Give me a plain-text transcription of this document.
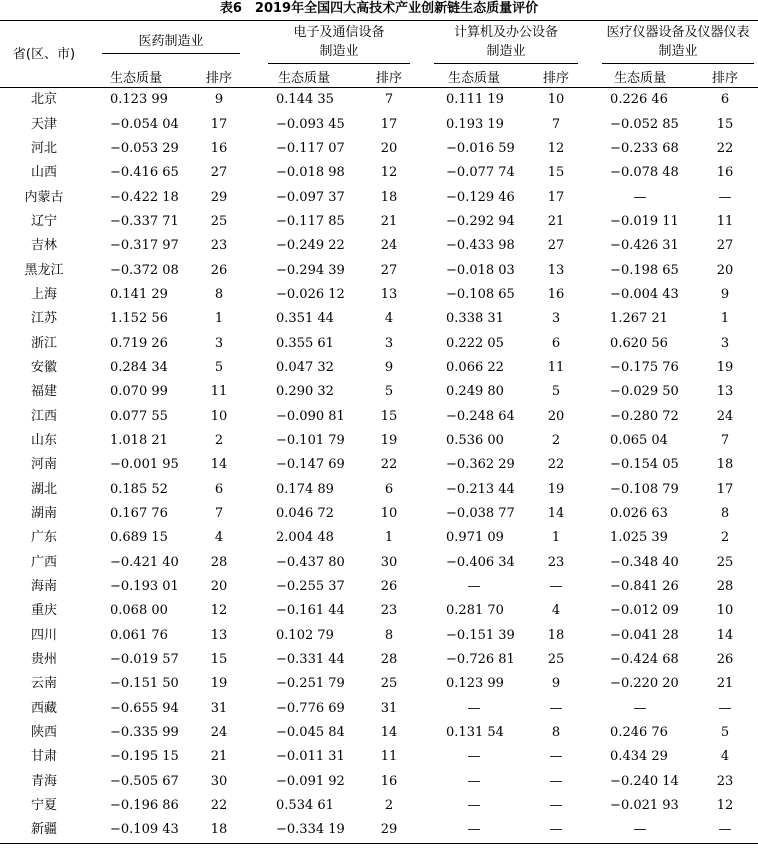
表6　2019年全国四大高技术产业创新链生态质量评价
省(区、市)	医药制造业		电子及通信设备
制造业		计算机及办公设备
制造业		医疗仪器设备及仪器仪表
制造业	

	生态质量	排序	生态质量	排序	生态质量	排序	生态质量	排序
北京	0.123 99	9	0.144 35	7	0.111 19	10	0.226 46	6
天津	−0.054 04	17	−0.093 45	17	0.193 19	7	−0.052 85	15
河北	−0.053 29	16	−0.117 07	20	−0.016 59	12	−0.233 68	22
山西	−0.416 65	27	−0.018 98	12	−0.077 74	15	−0.078 48	16
内蒙古	−0.422 18	29	−0.097 37	18	−0.129 46	17	—	—
辽宁	−0.337 71	25	−0.117 85	21	−0.292 94	21	−0.019 11	11
吉林	−0.317 97	23	−0.249 22	24	−0.433 98	27	−0.426 31	27
黑龙江	−0.372 08	26	−0.294 39	27	−0.018 03	13	−0.198 65	20
上海	0.141 29	8	−0.026 12	13	−0.108 65	16	−0.004 43	9
江苏	1.152 56	1	0.351 44	4	0.338 31	3	1.267 21	1
浙江	0.719 26	3	0.355 61	3	0.222 05	6	0.620 56	3
安徽	0.284 34	5	0.047 32	9	0.066 22	11	−0.175 76	19
福建	0.070 99	11	0.290 32	5	0.249 80	5	−0.029 50	13
江西	0.077 55	10	−0.090 81	15	−0.248 64	20	−0.280 72	24
山东	1.018 21	2	−0.101 79	19	0.536 00	2	0.065 04	7
河南	−0.001 95	14	−0.147 69	22	−0.362 29	22	−0.154 05	18
湖北	0.185 52	6	0.174 89	6	−0.213 44	19	−0.108 79	17
湖南	0.167 76	7	0.046 72	10	−0.038 77	14	0.026 63	8
广东	0.689 15	4	2.004 48	1	0.971 09	1	1.025 39	2
广西	−0.421 40	28	−0.437 80	30	−0.406 34	23	−0.348 40	25
海南	−0.193 01	20	−0.255 37	26	—	—	−0.841 26	28
重庆	0.068 00	12	−0.161 44	23	0.281 70	4	−0.012 09	10
四川	0.061 76	13	0.102 79	8	−0.151 39	18	−0.041 28	14
贵州	−0.019 57	15	−0.331 44	28	−0.726 81	25	−0.424 68	26
云南	−0.151 50	19	−0.251 79	25	0.123 99	9	−0.220 20	21
西藏	−0.655 94	31	−0.776 69	31	—	—	—	—
陕西	−0.335 99	24	−0.045 84	14	0.131 54	8	0.246 76	5
甘肃	−0.195 15	21	−0.011 31	11	—	—	0.434 29	4
青海	−0.505 67	30	−0.091 92	16	—	—	−0.240 14	23
宁夏	−0.196 86	22	0.534 61	2	—	—	−0.021 93	12
新疆	−0.109 43	18	−0.334 19	29	—	—	—	—
